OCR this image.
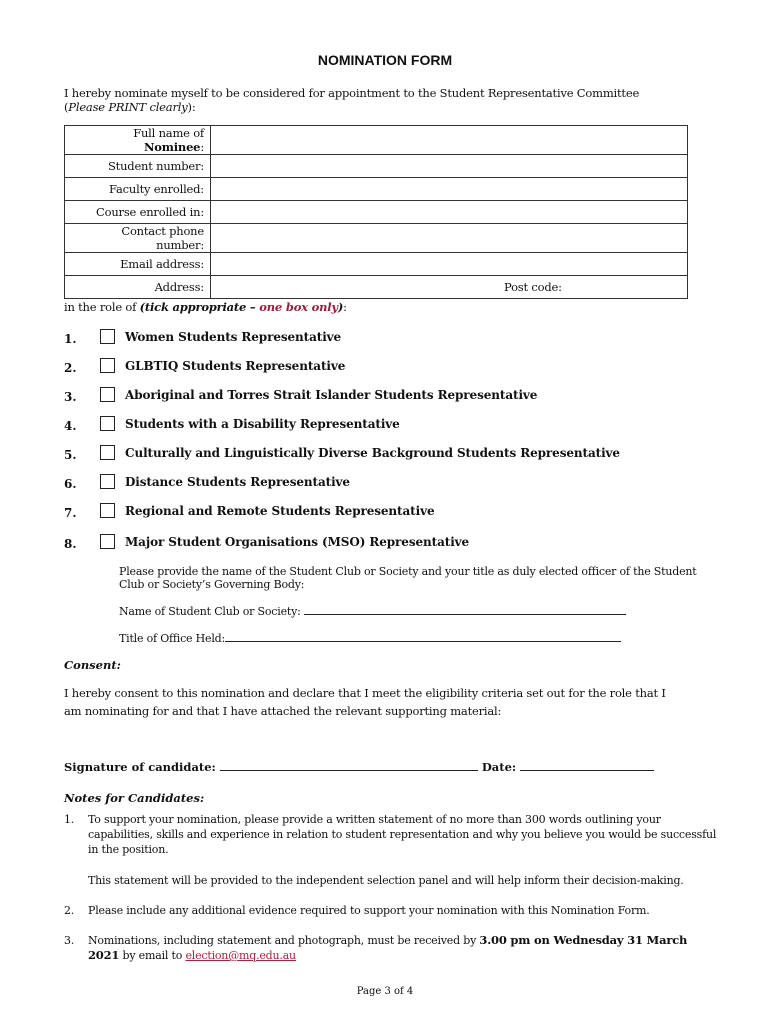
NOMINATION FORM
I hereby nominate myself to be considered for appointment to the Student Representative Committee
(Please PRINT clearly):
Full name of Nominee:	
Student number:	
Faculty enrolled:	
Course enrolled in:	
Contact phone number:	
Email address:	
Address:	Post code:
in the role of (tick appropriate – one box only):
1.	Women Students Representative
2.	GLBTIQ Students Representative
3.	Aboriginal and Torres Strait Islander Students Representative
4.	Students with a Disability Representative
5.	Culturally and Linguistically Diverse Background Students Representative
6.	Distance Students Representative
7.	Regional and Remote Students Representative
8.	Major Student Organisations (MSO) Representative
Please provide the name of the Student Club or Society and your title as duly elected officer of the Student Club or Society’s Governing Body:
Name of Student Club or Society:
Title of Office Held:
Consent:
I hereby consent to this nomination and declare that I meet the eligibility criteria set out for the role that I am nominating for and that I have attached the relevant supporting material:
Signature of candidate:	Date:
Notes for Candidates:
1. To support your nomination, please provide a written statement of no more than 300 words outlining your capabilities, skills and experience in relation to student representation and why you believe you would be successful in the position.
This statement will be provided to the independent selection panel and will help inform their decision-making.
2. Please include any additional evidence required to support your nomination with this Nomination Form.
3. Nominations, including statement and photograph, must be received by 3.00 pm on Wednesday 31 March 2021 by email to election@mq.edu.au
Page 3 of 4
